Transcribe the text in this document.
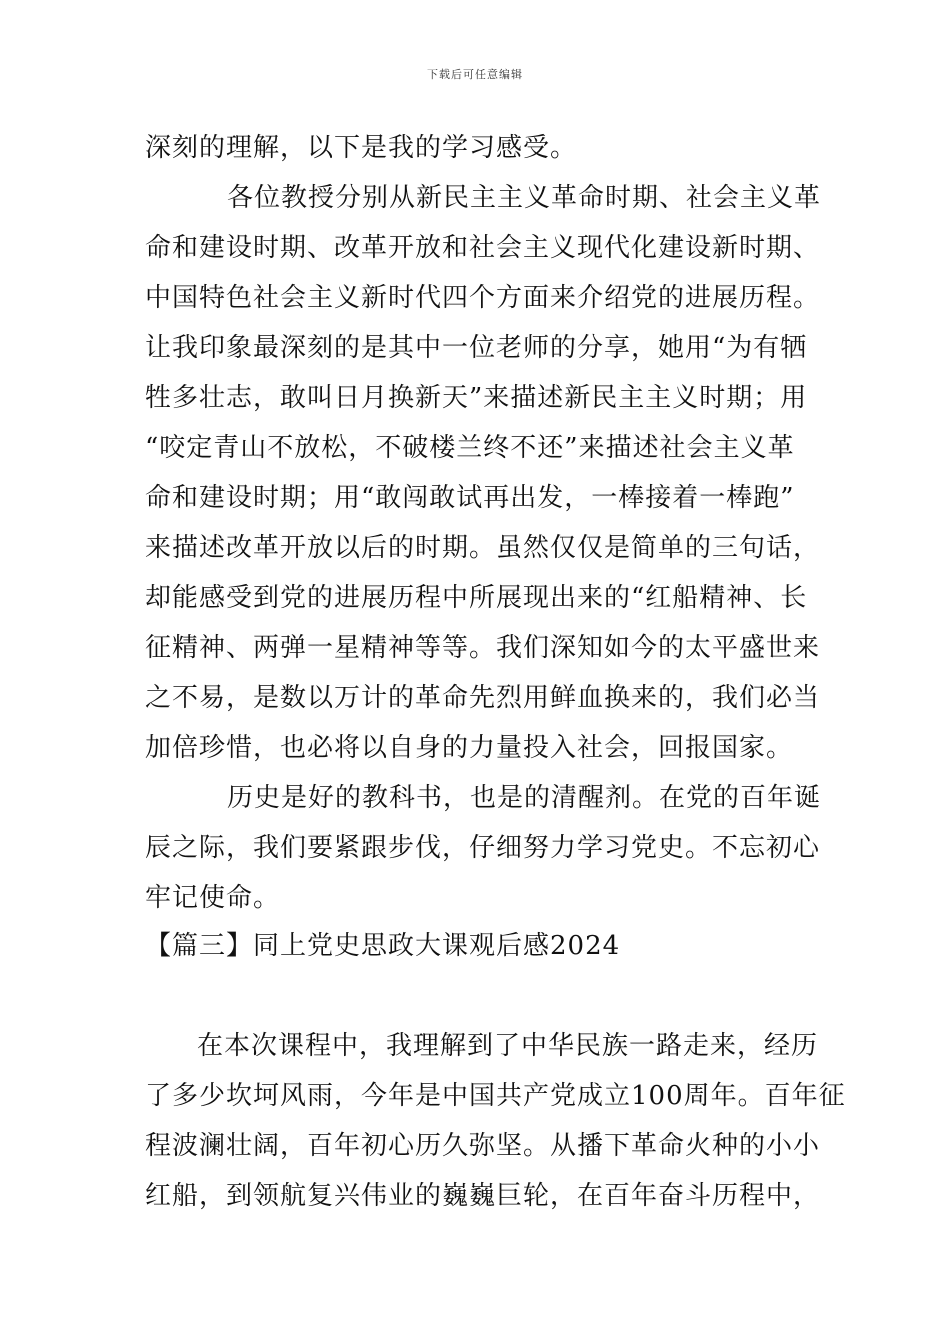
下载后可任意编辑
深刻的理解，以下是我的学习感受。
各位教授分别从新民主主义革命时期、社会主义革
命和建设时期、改革开放和社会主义现代化建设新时期、
中国特色社会主义新时代四个方面来介绍党的进展历程。
让我印象最深刻的是其中一位老师的分享，她用“为有牺
牲多壮志，敢叫日月换新天”来描述新民主主义时期；用
“咬定青山不放松，不破楼兰终不还”来描述社会主义革
命和建设时期；用“敢闯敢试再出发，一棒接着一棒跑”
来描述改革开放以后的时期。虽然仅仅是简单的三句话，
却能感受到党的进展历程中所展现出来的“红船精神、长
征精神、两弹一星精神等等。我们深知如今的太平盛世来
之不易，是数以万计的革命先烈用鲜血换来的，我们必当
加倍珍惜，也必将以自身的力量投入社会，回报国家。
历史是好的教科书，也是的清醒剂。在党的百年诞
辰之际，我们要紧跟步伐，仔细努力学习党史。不忘初心
牢记使命。
【篇三】同上党史思政大课观后感2024
在本次课程中，我理解到了中华民族一路走来，经历
了多少坎坷风雨，今年是中国共产党成立100周年。百年征
程波澜壮阔，百年初心历久弥坚。从播下革命火种的小小
红船，到领航复兴伟业的巍巍巨轮，在百年奋斗历程中，
